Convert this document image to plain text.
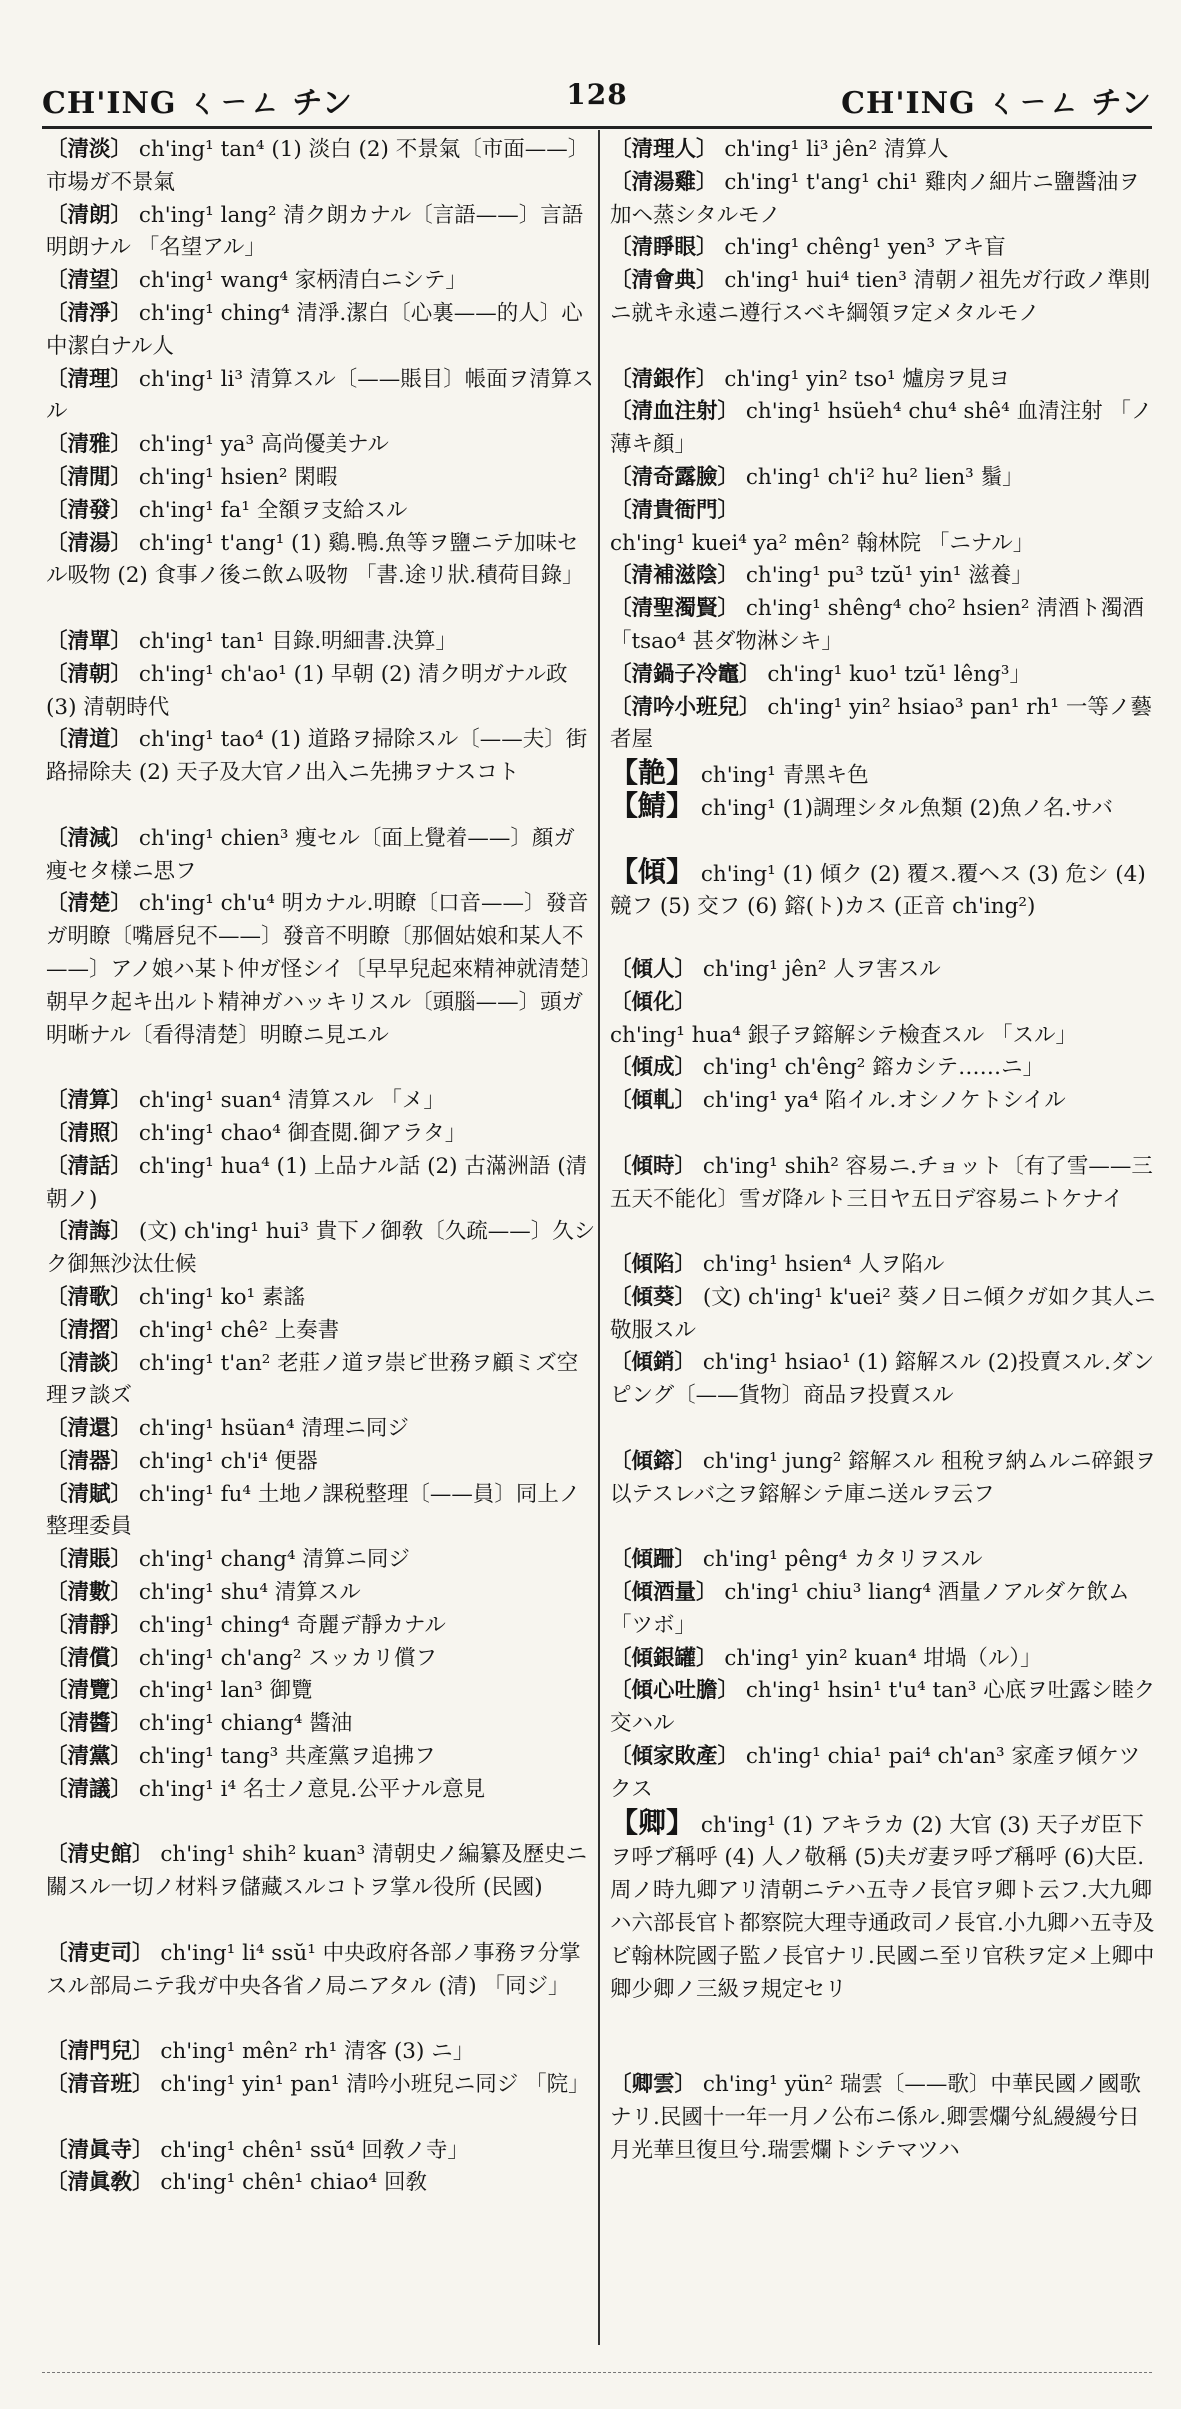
CH'ING ㄑㄧㄥ チン	128	CH'ING ㄑㄧㄥ チン

〔清淡〕 ch'ing¹ tan⁴ (1) 淡白 (2) 不景氣〔市面——〕市場ガ不景氣

〔清朗〕 ch'ing¹ lang² 清ク朗カナル〔言語——〕言語明朗ナル 「名望アル」

〔清望〕 ch'ing¹ wang⁴ 家柄清白ニシテ」

〔清淨〕 ch'ing¹ ching⁴ 清淨.潔白〔心裏——的人〕心中潔白ナル人

〔清理〕 ch'ing¹ li³ 清算スル〔——賬目〕帳面ヲ清算スル

〔清雅〕 ch'ing¹ ya³ 高尚優美ナル

〔清閒〕 ch'ing¹ hsien² 閑暇

〔清發〕 ch'ing¹ fa¹ 全額ヲ支給スル

〔清湯〕 ch'ing¹ t'ang¹ (1) 鷄.鴨.魚等ヲ鹽ニテ加味セル吸物 (2) 食事ノ後ニ飲ム吸物 「書.途リ狀.積荷目錄」

〔清單〕 ch'ing¹ tan¹ 目錄.明細書.決算」

〔清朝〕 ch'ing¹ ch'ao¹ (1) 早朝 (2) 清ク明ガナル政 (3) 清朝時代

〔清道〕 ch'ing¹ tao⁴ (1) 道路ヲ掃除スル〔——夫〕街路掃除夫 (2) 天子及大官ノ出入ニ先拂ヲナスコト

〔清減〕 ch'ing¹ chien³ 痩セル〔面上覺着——〕顏ガ痩セタ樣ニ思フ

〔清楚〕 ch'ing¹ ch'u⁴ 明カナル.明瞭〔口音——〕發音ガ明瞭〔嘴唇兒不——〕發音不明瞭〔那個姑娘和某人不——〕アノ娘ハ某ト仲ガ怪シイ〔早早兒起來精神就清楚〕朝早ク起キ出ルト精神ガハッキリスル〔頭腦——〕頭ガ明晰ナル〔看得清楚〕明瞭ニ見エル

〔清算〕 ch'ing¹ suan⁴ 清算スル 「メ」

〔清照〕 ch'ing¹ chao⁴ 御査閲.御アラタ」

〔清話〕 ch'ing¹ hua⁴ (1) 上品ナル話 (2) 古滿洲語 (清朝ノ)

〔清誨〕 (文) ch'ing¹ hui³ 貴下ノ御敎〔久疏——〕久シク御無沙汰仕候

〔清歌〕 ch'ing¹ ko¹ 素謠

〔清摺〕 ch'ing¹ chê² 上奏書

〔清談〕 ch'ing¹ t'an² 老莊ノ道ヲ崇ビ世務ヲ顧ミズ空理ヲ談ズ

〔清還〕 ch'ing¹ hsüan⁴ 清理ニ同ジ

〔清器〕 ch'ing¹ ch'i⁴ 便器

〔清賦〕 ch'ing¹ fu⁴ 土地ノ課税整理〔——員〕同上ノ整理委員

〔清賬〕 ch'ing¹ chang⁴ 清算ニ同ジ

〔清數〕 ch'ing¹ shu⁴ 清算スル

〔清靜〕 ch'ing¹ ching⁴ 奇麗デ靜カナル

〔清償〕 ch'ing¹ ch'ang² スッカリ償フ

〔清覽〕 ch'ing¹ lan³ 御覽

〔清醬〕 ch'ing¹ chiang⁴ 醬油

〔清黨〕 ch'ing¹ tang³ 共產黨ヲ追拂フ

〔清議〕 ch'ing¹ i⁴ 名士ノ意見.公平ナル意見

〔清史館〕 ch'ing¹ shih² kuan³ 清朝史ノ編纂及歷史ニ關スル一切ノ材料ヲ儲藏スルコトヲ掌ル役所 (民國)

〔清吏司〕 ch'ing¹ li⁴ ssŭ¹ 中央政府各部ノ事務ヲ分掌スル部局ニテ我ガ中央各省ノ局ニアタル (清) 「同ジ」

〔清門兒〕 ch'ing¹ mên² rh¹ 清客 (3) ニ」

〔清音班〕 ch'ing¹ yin¹ pan¹ 清吟小班兒ニ同ジ 「院」

〔清眞寺〕 ch'ing¹ chên¹ ssŭ⁴ 回敎ノ寺」

〔清眞敎〕 ch'ing¹ chên¹ chiao⁴ 回敎

〔清理人〕 ch'ing¹ li³ jên² 清算人

〔清湯雞〕 ch'ing¹ t'ang¹ chi¹ 雞肉ノ細片ニ鹽醬油ヲ加ヘ蒸シタルモノ

〔清睜眼〕 ch'ing¹ chêng¹ yen³ アキ盲

〔清會典〕 ch'ing¹ hui⁴ tien³ 清朝ノ祖先ガ行政ノ準則ニ就キ永遠ニ遵行スベキ綱領ヲ定メタルモノ

〔清銀作〕 ch'ing¹ yin² tso¹ 爐房ヲ見ヨ

〔清血注射〕 ch'ing¹ hsüeh⁴ chu⁴ shê⁴ 血清注射 「ノ薄キ顏」

〔清奇露臉〕 ch'ing¹ ch'i² hu² lien³ 鬚」

〔清貴衙門〕 ch'ing¹ kuei⁴ ya² mên² 翰林院 「ニナル」

〔清補滋陰〕 ch'ing¹ pu³ tzŭ¹ yin¹ 滋養」

〔清聖濁賢〕 ch'ing¹ shêng⁴ cho² hsien² 淸酒ト濁酒 「tsao⁴ 甚ダ物淋シキ」

〔清鍋子冷竈〕 ch'ing¹ kuo¹ tzŭ¹ lêng³」

〔清吟小班兒〕 ch'ing¹ yin² hsiao³ pan¹ rh¹ 一等ノ藝者屋

【靘】 ch'ing¹ 青黑キ色

【鯖】 ch'ing¹ (1)調理シタル魚類 (2)魚ノ名.サバ

【傾】 ch'ing¹ (1) 傾ク (2) 覆ス.覆ヘス (3) 危シ (4) 競フ (5) 交フ (6) 鎔(ト)カス (正音 ch'ing²)

〔傾人〕 ch'ing¹ jên² 人ヲ害スル

〔傾化〕 ch'ing¹ hua⁴ 銀子ヲ鎔解シテ檢査スル 「スル」

〔傾成〕 ch'ing¹ ch'êng² 鎔カシテ……ニ」

〔傾軋〕 ch'ing¹ ya⁴ 陷イル.オシノケトシイル

〔傾時〕 ch'ing¹ shih² 容易ニ.チョット〔有了雪——三五天不能化〕雪ガ降ルト三日ヤ五日デ容易ニトケナイ

〔傾陷〕 ch'ing¹ hsien⁴ 人ヲ陷ル

〔傾葵〕 (文) ch'ing¹ k'uei² 葵ノ日ニ傾クガ如ク其人ニ敬服スル

〔傾銷〕 ch'ing¹ hsiao¹ (1) 鎔解スル (2)投賣スル.ダンピング〔——貨物〕商品ヲ投賣スル

〔傾鎔〕 ch'ing¹ jung² 鎔解スル 租稅ヲ納ムルニ碎銀ヲ以テスレバ之ヲ鎔解シテ庫ニ送ルヲ云フ

〔傾跚〕 ch'ing¹ pêng⁴ カタリヲスル

〔傾酒量〕 ch'ing¹ chiu³ liang⁴ 酒量ノアルダケ飲ム 「ツボ」

〔傾銀罐〕 ch'ing¹ yin² kuan⁴ 坩堝（ル）」

〔傾心吐膽〕 ch'ing¹ hsin¹ t'u⁴ tan³ 心底ヲ吐露シ睦ク交ハル

〔傾家敗產〕 ch'ing¹ chia¹ pai⁴ ch'an³ 家產ヲ傾ケツクス

【卿】 ch'ing¹ (1) アキラカ (2) 大官 (3) 天子ガ臣下ヲ呼ブ稱呼 (4) 人ノ敬稱 (5)夫ガ妻ヲ呼ブ稱呼 (6)大臣.周ノ時九卿アリ清朝ニテハ五寺ノ長官ヲ卿ト云フ.大九卿ハ六部長官ト都察院大理寺通政司ノ長官.小九卿ハ五寺及ビ翰林院國子監ノ長官ナリ.民國ニ至リ官秩ヲ定メ上卿中卿少卿ノ三級ヲ規定セリ

〔卿雲〕 ch'ing¹ yün² 瑞雲〔——歌〕中華民國ノ國歌ナリ.民國十一年一月ノ公布ニ係ル.卿雲爛兮糺縵縵兮日月光華旦復旦兮.瑞雲爛トシテマツハ
